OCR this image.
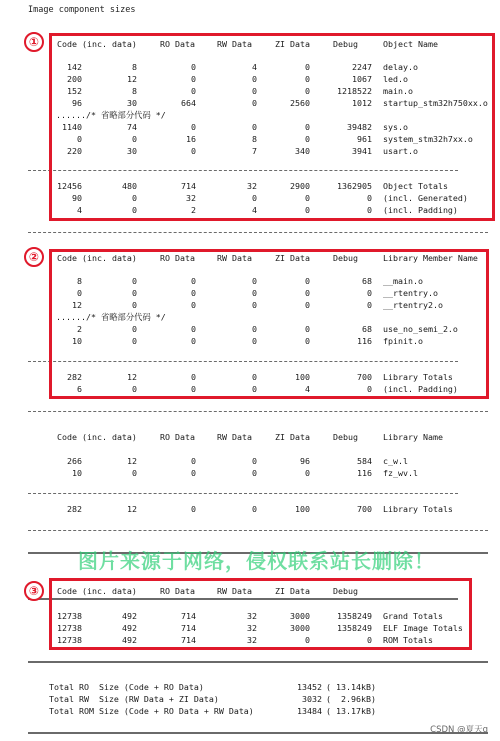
Image component sizes
Code (inc. data)	RO Data	RW Data	ZI Data	Debug	Object Name
142	8	0	4	0	2247 delay.o
200	12	0	0	0	1067 led.o
152	8	0	0	0	1218522 main.o
96	30	664	0	2560	1012 startup_stm32h750xx.o
....../* 省略部分代码 */
1140	74	0	0	0	39482 sys.o
0	0	16	8	0	961 system_stm32h7xx.o
220	30	0	7	340	3941 usart.o
12456	480	714	32	2900	1362905 Object Totals
90	0	32	0	0	0 (incl. Generated)
4	0	2	4	0	0 (incl. Padding)
Code (inc. data)	RO Data	RW Data	ZI Data	Debug	Library Member Name
8	0	0	0	0	68 __main.o
0	0	0	0	0	0 __rtentry.o
12	0	0	0	0	0 __rtentry2.o
....../* 省略部分代码 */
2	0	0	0	0	68 use_no_semi_2.o
10	0	0	0	0	116 fpinit.o
282	12	0	0	100	700 Library Totals
6	0	0	0	4	0 (incl. Padding)
Code (inc. data)	RO Data	RW Data	ZI Data	Debug	Library Name
266	12	0	0	96	584 c_w.l
10	0	0	0	0	116 fz_wv.l
282	12	0	0	100	700 Library Totals
Code (inc. data)	RO Data	RW Data	ZI Data	Debug
12738	492	714	32	3000	1358249 Grand Totals
12738	492	714	32	3000	1358249 ELF Image Totals
12738	492	714	32	0	0 ROM Totals
Total RO  Size (Code + RO Data)	13452 ( 13.14kB)
Total RW  Size (RW Data + ZI Data)	3032 (  2.96kB)
Total ROM Size (Code + RO Data + RW Data)	13484 ( 13.17kB)
①
②
③
图片来源于网络，侵权联系站长删除！
CSDN @夏天g
